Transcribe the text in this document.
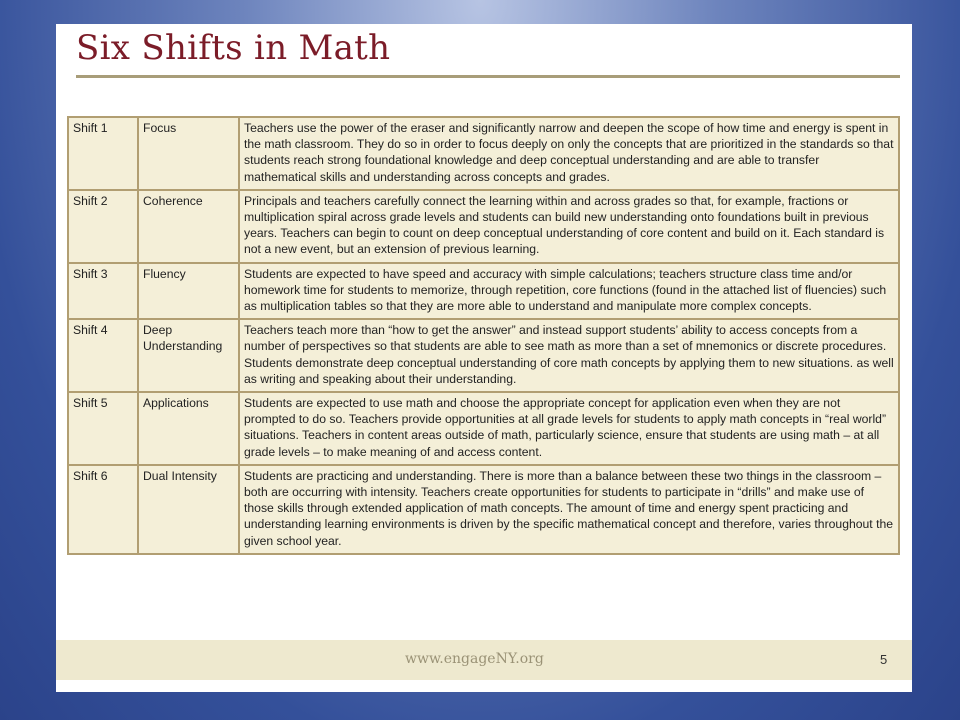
Six Shifts in Math
Shift 1	Focus	Teachers use the power of the eraser and significantly narrow and deepen the scope of how time and energy is spent in the math classroom. They do so in order to focus deeply on only the concepts that are prioritized in the standards so that students reach strong foundational knowledge and deep conceptual understanding and are able to transfer mathematical skills and understanding across concepts and grades.
Shift 2	Coherence	Principals and teachers carefully connect the learning within and across grades so that, for example, fractions or multiplication spiral across grade levels and students can build new understanding onto foundations built in previous years. Teachers can begin to count on deep conceptual understanding of core content and build on it. Each standard is not a new event, but an extension of previous learning.
Shift 3	Fluency	Students are expected to have speed and accuracy with simple calculations; teachers structure class time and/or homework time for students to memorize, through repetition, core functions (found in the attached list of fluencies) such as multiplication tables so that they are more able to understand and manipulate more complex concepts.
Shift 4	Deep Understanding	Teachers teach more than “how to get the answer” and instead support students’ ability to access concepts from a number of perspectives so that students are able to see math as more than a set of mnemonics or discrete procedures. Students demonstrate deep conceptual understanding of core math concepts by applying them to new situations. as well as writing and speaking about their understanding.
Shift 5	Applications	Students are expected to use math and choose the appropriate concept for application even when they are not prompted to do so. Teachers provide opportunities at all grade levels for students to apply math concepts in “real world” situations. Teachers in content areas outside of math, particularly science, ensure that students are using math – at all grade levels – to make meaning of and access content.
Shift 6	Dual Intensity	Students are practicing and understanding. There is more than a balance between these two things in the classroom – both are occurring with intensity. Teachers create opportunities for students to participate in “drills” and make use of those skills through extended application of math concepts. The amount of time and energy spent practicing and understanding learning environments is driven by the specific mathematical concept and therefore, varies throughout the given school year.
www.engageNY.org	5
